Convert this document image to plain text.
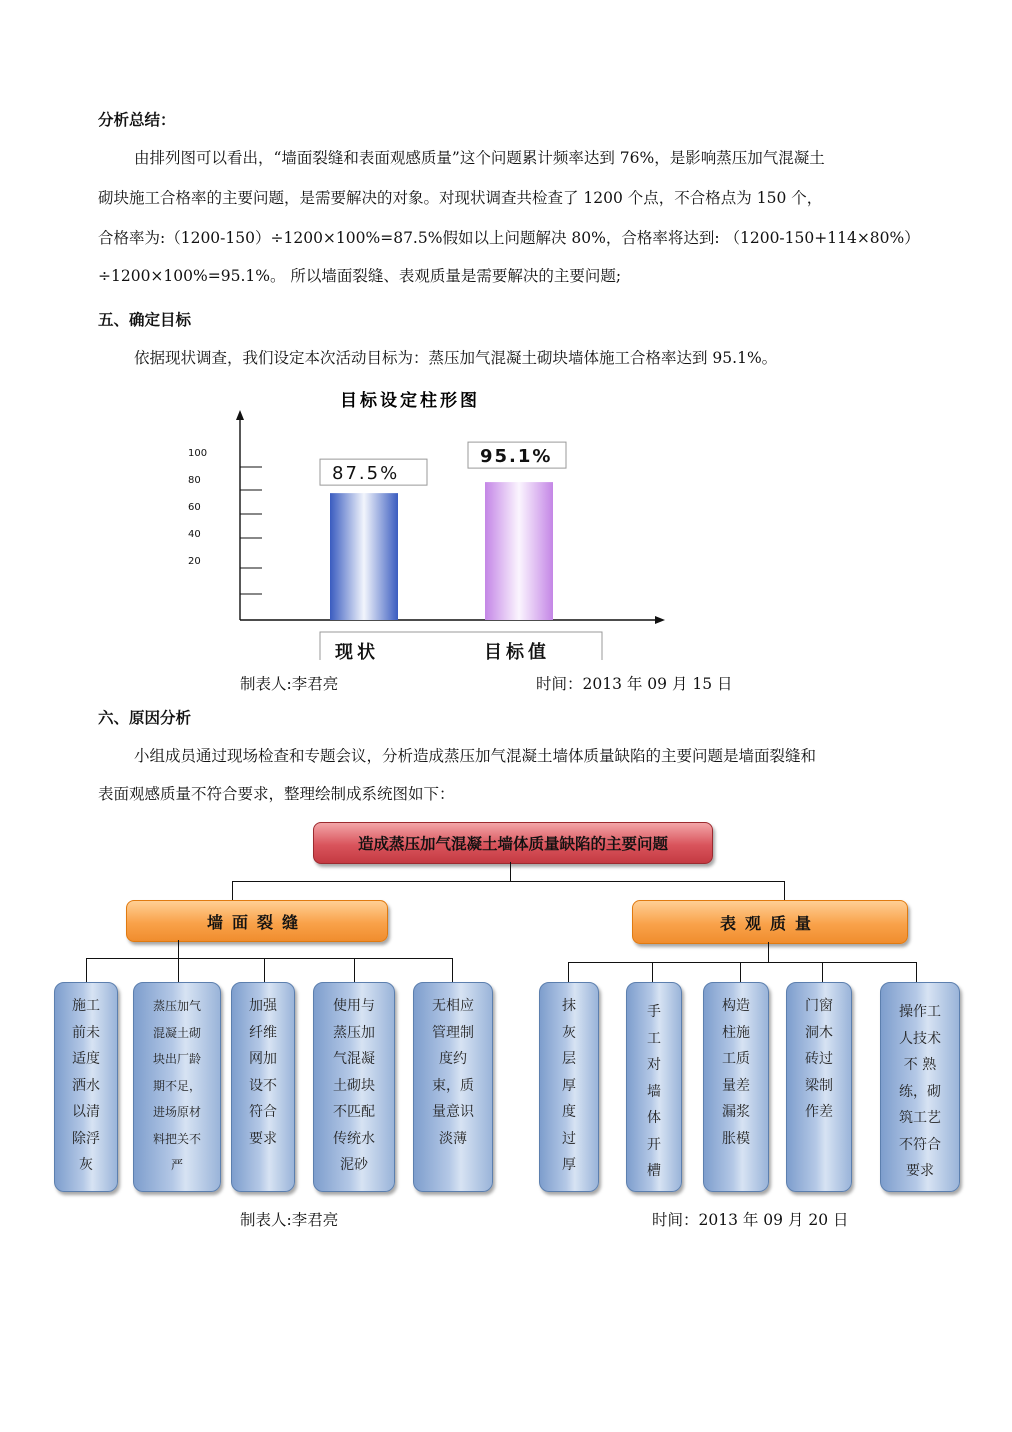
分析总结：
由排列图可以看出，“墙面裂缝和表面观感质量”这个问题累计频率达到 76%，是影响蒸压加气混凝土
砌块施工合格率的主要问题，是需要解决的对象。对现状调查共检查了 1200 个点，不合格点为 150 个，
合格率为:（1200-150）÷1200×100%=87.5%假如以上问题解决 80%，合格率将达到: （1200-150+114×80%）
÷1200×100%=95.1%。 所以墙面裂缝、表观质量是需要解决的主要问题;
五、确定目标
依据现状调查，我们设定本次活动目标为：蒸压加气混凝土砌块墙体施工合格率达到 95.1%。
目标设定柱形图
100
80
60
40
20
87.5%
95.1%
现状	目标值
制表人:李君亮	时间：2013 年 09 月 15 日
六、原因分析
小组成员通过现场检查和专题会议，分析造成蒸压加气混凝土墙体质量缺陷的主要问题是墙面裂缝和
表面观感质量不符合要求，整理绘制成系统图如下：
造成蒸压加气混凝土墙体质量缺陷的主要问题
墙面裂缝	表观质量
施工
前未
适度
洒水
以清
除浮
灰
蒸压加气
混凝土砌
块出厂龄
期不足，
进场原材
料把关不
严
加强
纤维
网加
设不
符合
要求
使用与
蒸压加
气混凝
土砌块
不匹配
传统水
泥砂
无相应
管理制
度约
束，质
量意识
淡薄
抹
灰
层
厚
度
过
厚
手
工
对
墙
体
开
槽
构造
柱施
工质
量差
漏浆
胀模
门窗
洞木
砖过
梁制
作差
操作工
人技术
不 熟
练，砌
筑工艺
不符合
要求
制表人:李君亮	时间：2013 年 09 月 20 日
